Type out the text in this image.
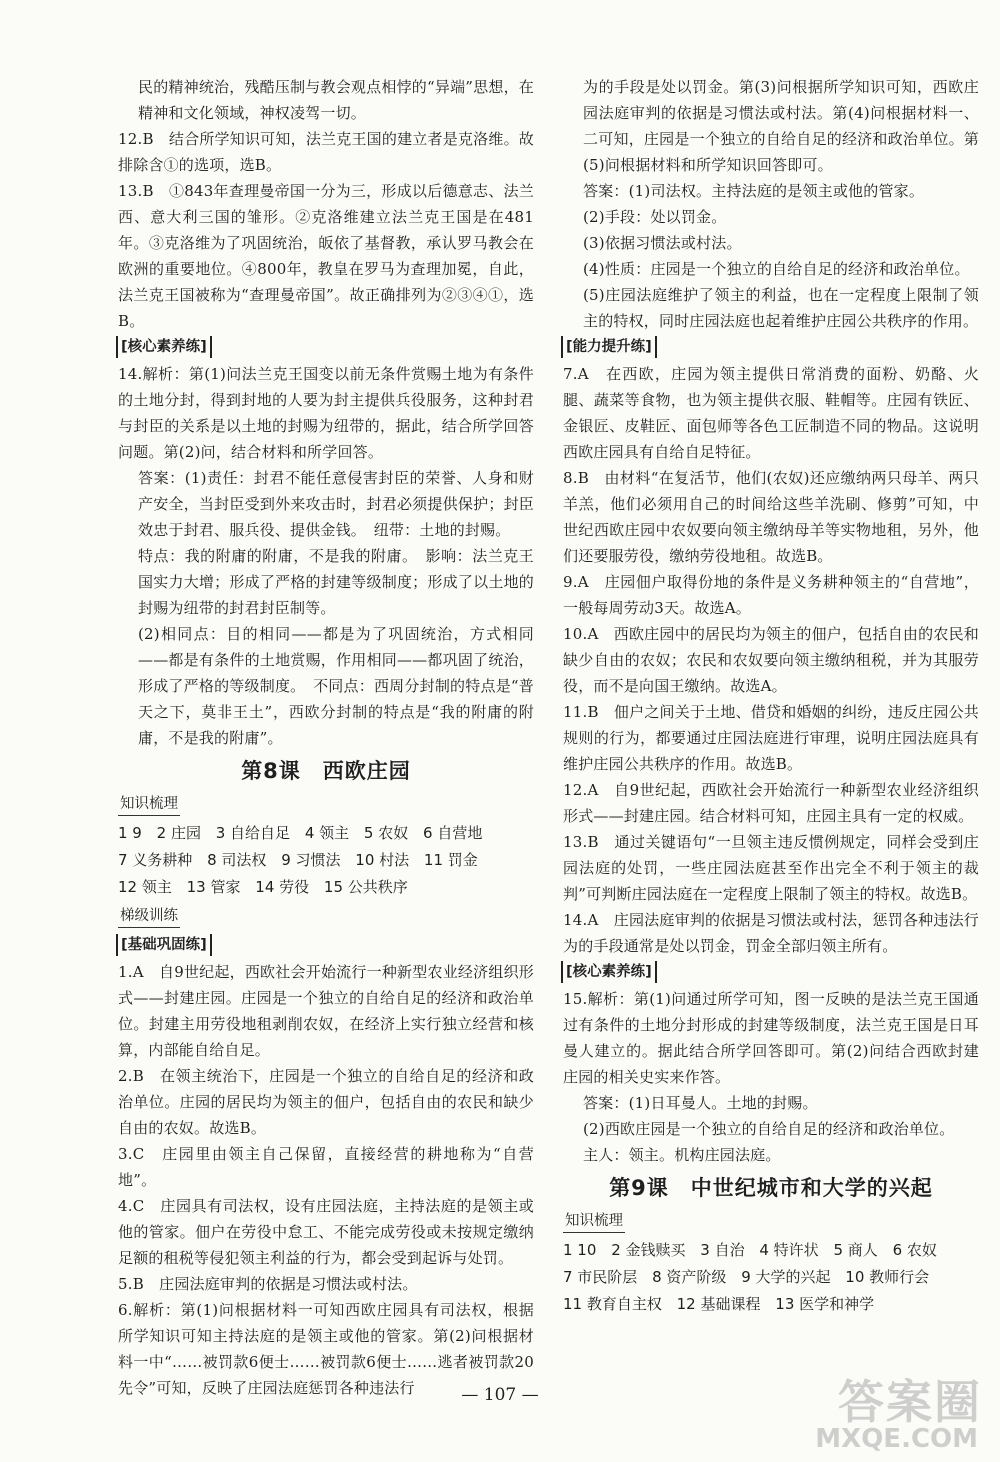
民的精神统治，残酷压制与教会观点相悖的“异端”思想，在精神和文化领域，神权凌驾一切。

12.B　结合所学知识可知，法兰克王国的建立者是克洛维。故排除含①的选项，选B。

13.B　①843年查理曼帝国一分为三，形成以后德意志、法兰西、意大利三国的雏形。②克洛维建立法兰克王国是在481年。③克洛维为了巩固统治，皈依了基督教，承认罗马教会在欧洲的重要地位。④800年，教皇在罗马为查理加冕，自此，法兰克王国被称为“查理曼帝国”。故正确排列为②③④①，选B。

[核心素养练]

14.解析：第(1)问法兰克王国变以前无条件赏赐土地为有条件的土地分封，得到封地的人要为封主提供兵役服务，这种封君与封臣的关系是以土地的封赐为纽带的，据此，结合所学回答问题。第(2)问，结合材料和所学回答。

答案：(1)责任：封君不能任意侵害封臣的荣誉、人身和财产安全，当封臣受到外来攻击时，封君必须提供保护；封臣效忠于封君、服兵役、提供金钱。　纽带：土地的封赐。

特点：我的附庸的附庸，不是我的附庸。　影响：法兰克王国实力大增；形成了严格的封建等级制度；形成了以土地的封赐为纽带的封君封臣制等。

(2)相同点：目的相同——都是为了巩固统治，方式相同——都是有条件的土地赏赐，作用相同——都巩固了统治，形成了严格的等级制度。　不同点：西周分封制的特点是“普天之下，莫非王土”，西欧分封制的特点是“我的附庸的附庸，不是我的附庸”。

第8课　西欧庄园
知识梳理

1 9 2 庄园 3 自给自足 4 领主 5 农奴 6 自营地 7 义务耕种 8 司法权 9 习惯法 10 村法 11 罚金 12 领主 13 管家 14 劳役 15 公共秩序

梯级训练
[基础巩固练]

1.A　自9世纪起，西欧社会开始流行一种新型农业经济组织形式——封建庄园。庄园是一个独立的自给自足的经济和政治单位。封建主用劳役地租剥削农奴，在经济上实行独立经营和核算，内部能自给自足。

2.B　在领主统治下，庄园是一个独立的自给自足的经济和政治单位。庄园的居民均为领主的佃户，包括自由的农民和缺少自由的农奴。故选B。

3.C　庄园里由领主自己保留，直接经营的耕地称为“自营地”。

4.C　庄园具有司法权，设有庄园法庭，主持法庭的是领主或他的管家。佃户在劳役中怠工、不能完成劳役或未按规定缴纳足额的租税等侵犯领主利益的行为，都会受到起诉与处罚。

5.B　庄园法庭审判的依据是习惯法或村法。

6.解析：第(1)问根据材料一可知西欧庄园具有司法权，根据所学知识可知主持法庭的是领主或他的管家。第(2)问根据材料一中“……被罚款6便士……被罚款6便士……逃者被罚款20先令”可知，反映了庄园法庭惩罚各种违法行

为的手段是处以罚金。第(3)问根据所学知识可知，西欧庄园法庭审判的依据是习惯法或村法。第(4)问根据材料一、二可知，庄园是一个独立的自给自足的经济和政治单位。第(5)问根据材料和所学知识回答即可。

答案：(1)司法权。主持法庭的是领主或他的管家。

(2)手段：处以罚金。

(3)依据习惯法或村法。

(4)性质：庄园是一个独立的自给自足的经济和政治单位。

(5)庄园法庭维护了领主的利益，也在一定程度上限制了领主的特权，同时庄园法庭也起着维护庄园公共秩序的作用。

[能力提升练]

7.A　在西欧，庄园为领主提供日常消费的面粉、奶酪、火腿、蔬菜等食物，也为领主提供衣服、鞋帽等。庄园有铁匠、金银匠、皮鞋匠、面包师等各色工匠制造不同的物品。这说明西欧庄园具有自给自足特征。

8.B　由材料“在复活节，他们(农奴)还应缴纳两只母羊、两只羊羔，他们必须用自己的时间给这些羊洗刷、修剪”可知，中世纪西欧庄园中农奴要向领主缴纳母羊等实物地租，另外，他们还要服劳役，缴纳劳役地租。故选B。

9.A　庄园佃户取得份地的条件是义务耕种领主的“自营地”，一般每周劳动3天。故选A。

10.A　西欧庄园中的居民均为领主的佃户，包括自由的农民和缺少自由的农奴；农民和农奴要向领主缴纳租税，并为其服劳役，而不是向国王缴纳。故选A。

11.B　佃户之间关于土地、借贷和婚姻的纠纷，违反庄园公共规则的行为，都要通过庄园法庭进行审理，说明庄园法庭具有维护庄园公共秩序的作用。故选B。

12.A　自9世纪起，西欧社会开始流行一种新型农业经济组织形式——封建庄园。结合材料可知，庄园主具有一定的权威。

13.B　通过关键语句“一旦领主违反惯例规定，同样会受到庄园法庭的处罚，一些庄园法庭甚至作出完全不利于领主的裁判”可判断庄园法庭在一定程度上限制了领主的特权。故选B。

14.A　庄园法庭审判的依据是习惯法或村法，惩罚各种违法行为的手段通常是处以罚金，罚金全部归领主所有。

[核心素养练]

15.解析：第(1)问通过所学可知，图一反映的是法兰克王国通过有条件的土地分封形成的封建等级制度，法兰克王国是日耳曼人建立的。据此结合所学回答即可。第(2)问结合西欧封建庄园的相关史实来作答。

答案：(1)日耳曼人。土地的封赐。

(2)西欧庄园是一个独立的自给自足的经济和政治单位。

主人：领主。机构庄园法庭。

第9课　中世纪城市和大学的兴起
知识梳理

1 10 2 金钱赎买 3 自治 4 特许状 5 商人 6 农奴 7 市民阶层 8 资产阶级 9 大学的兴起 10 教师行会 11 教育自主权 12 基础课程 13 医学和神学

— 107 —	答案圈
MXQE.COM
